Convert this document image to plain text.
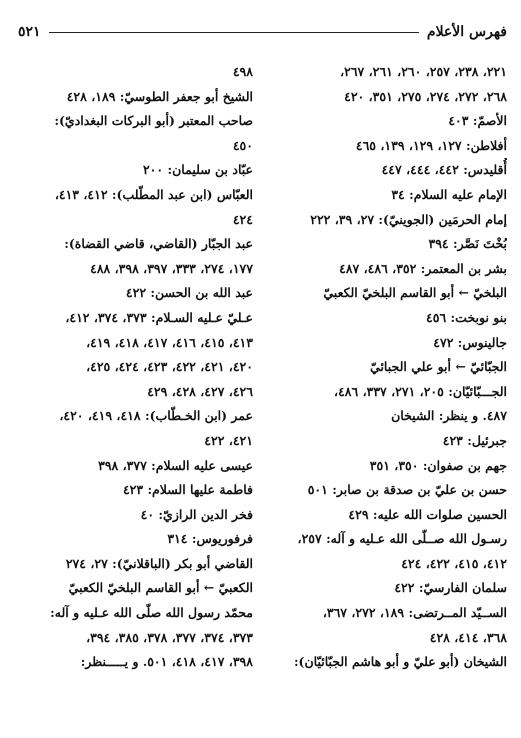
فهرس الأعلام
٥٢١
٢٢١، ٢٣٨، ٢٥٧، ٢٦٠، ٢٦١، ٢٦٧،
٢٦٨، ٢٧٢، ٢٧٤، ٢٧٥، ٣٥١، ٤٢٠
الأصمّ: ٤٠٣
أفلاطن: ١٢٧، ١٢٩، ١٣٩، ٤٦٥
أُقليدس: ٤٤٢، ٤٤٤، ٤٤٧
الإمام عليه السلام: ٣٤
إمام الحرمَين (الجوينيّ): ٢٧، ٣٩، ٢٢٢
بُخْتَ نَصَّر: ٣٩٤
بشر بن المعتمر: ٣٥٢، ٤٨٦، ٤٨٧
البلخيّ ← أبو القاسم البلخيّ الكعبيّ
بنو نوبخت: ٤٥٦
جالينوس: ٤٧٢
الجبّائيّ ← أبو علي الجبائيّ
الجـــبّائيّان: ٢٠٥، ٢٧١، ٣٣٧، ٤٨٦،
٤٨٧. و ينظر: الشيخان
جبرئيل: ٤٢٣
جهم بن صفوان: ٣٥٠، ٣٥١
حسن بن عليّ بن صدقة بن صابر: ٥٠١
الحسين صلوات الله عليه: ٤٢٩
رسـول الله صــلّى الله عـليه و آله: ٢٥٧،
٤١٢، ٤١٥، ٤٢٢، ٤٢٤
سلمان الفارسيّ: ٤٢٢
الســيّد المــرتضى: ١٨٩، ٢٧٢، ٣٦٧،
٣٦٨، ٤١٤، ٤٢٨
الشيخان (أبو عليّ و أبو هاشم الجبّائيّان):
٤٩٨
الشيخ أبو جعفر الطوسيّ: ١٨٩، ٤٢٨
صاحب المعتبر (أبو البركات البغداديّ):
٤٥٠
عبّاد بن سليمان: ٢٠٠
العبّاس (ابن عبد المطّلب): ٤١٢، ٤١٣،
٤٢٤
عبد الجبّار (القاضي، قاضي القضاة):
١٧٧، ٢٧٤، ٣٣٣، ٣٩٧، ٣٩٨، ٤٨٨
عبد الله بن الحسن: ٤٢٢
عـليّ عـليه السـلام: ٣٧٣، ٣٧٤، ٤١٢،
٤١٣، ٤١٥، ٤١٦، ٤١٧، ٤١٨، ٤١٩،
٤٢٠، ٤٢١، ٤٢٢، ٤٢٣، ٤٢٤، ٤٢٥،
٤٢٦، ٤٢٧، ٤٢٨، ٤٢٩
عمر (ابن الخـطّاب): ٤١٨، ٤١٩، ٤٢٠،
٤٢١، ٤٢٢
عيسى عليه السلام: ٣٧٧، ٣٩٨
فاطمة عليها السلام: ٤٢٣
فخر الدين الرازيّ: ٤٠
فرفوريوس: ٣١٤
القاضي أبو بكر (الباقلانيّ): ٢٧، ٢٧٤
الكعبيّ ← أبو القاسم البلخيّ الكعبيّ
محمّد رسول الله صلّى الله عـليه و آله:
٣٧٣، ٣٧٤، ٣٧٧، ٣٧٨، ٣٨٥، ٣٩٤،
٣٩٨، ٤١٧، ٤١٨، ٥٠١. و يـــــنظر:
